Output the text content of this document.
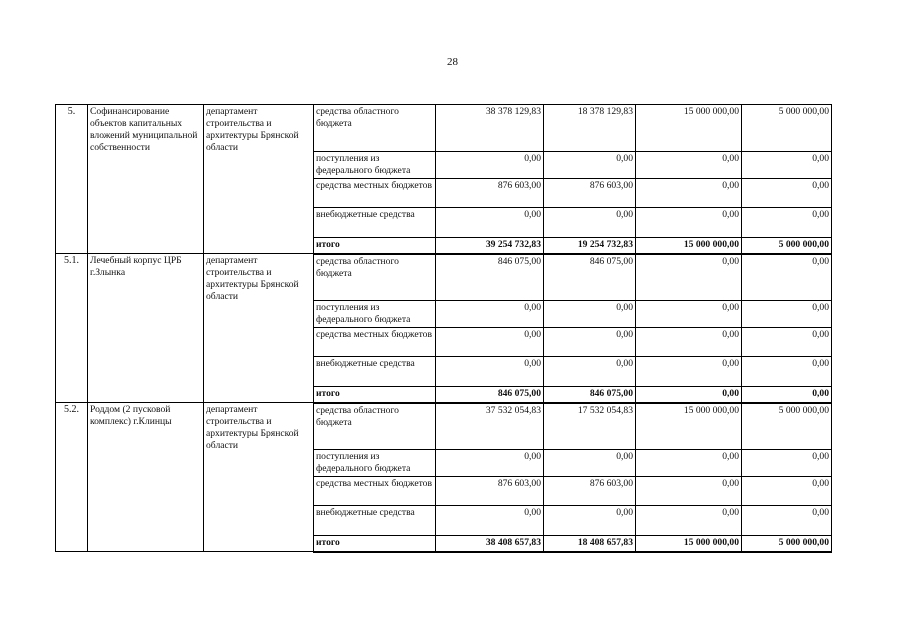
28
5.	Софинансирование объектов капитальных вложений муниципальной собственности	департамент строительства и архитектуры Брянской области	средства областного бюджета	38 378 129,83	18 378 129,83	15 000 000,00	5 000 000,00
			поступления из федерального бюджета	0,00	0,00	0,00	0,00
			средства местных бюджетов	876 603,00	876 603,00	0,00	0,00
			внебюджетные средства	0,00	0,00	0,00	0,00
			итого	39 254 732,83	19 254 732,83	15 000 000,00	5 000 000,00
5.1.	Лечебный корпус ЦРБ г.Злынка	департамент строительства и архитектуры Брянской области	средства областного бюджета	846 075,00	846 075,00	0,00	0,00
			поступления из федерального бюджета	0,00	0,00	0,00	0,00
			средства местных бюджетов	0,00	0,00	0,00	0,00
			внебюджетные средства	0,00	0,00	0,00	0,00
			итого	846 075,00	846 075,00	0,00	0,00
5.2.	Роддом (2 пусковой комплекс) г.Клинцы	департамент строительства и архитектуры Брянской области	средства областного бюджета	37 532 054,83	17 532 054,83	15 000 000,00	5 000 000,00
			поступления из федерального бюджета	0,00	0,00	0,00	0,00
			средства местных бюджетов	876 603,00	876 603,00	0,00	0,00
			внебюджетные средства	0,00	0,00	0,00	0,00
			итого	38 408 657,83	18 408 657,83	15 000 000,00	5 000 000,00
